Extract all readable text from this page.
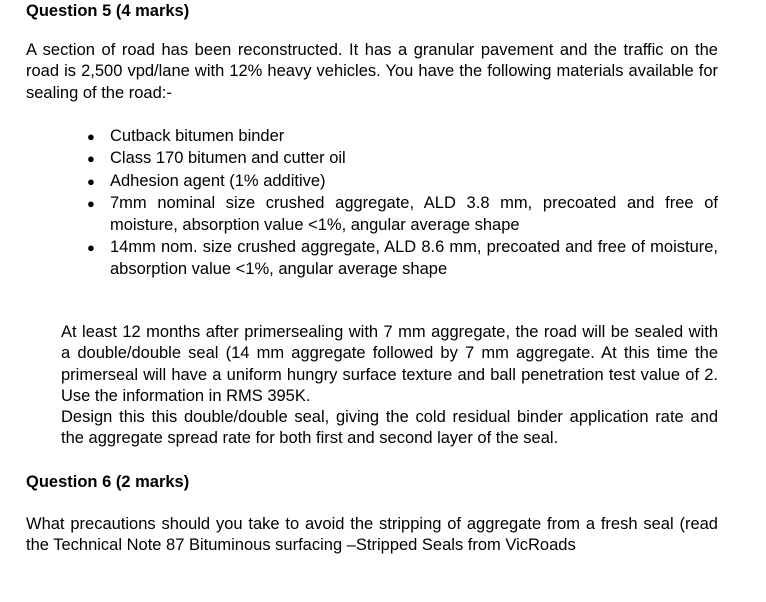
Question 5 (4 marks)

A section of road has been reconstructed. It has a granular pavement and the traffic on the road is 2,500 vpd/lane with 12% heavy vehicles. You have the following materials available for sealing of the road:-

● Cutback bitumen binder
● Class 170 bitumen and cutter oil
● Adhesion agent (1% additive)
● 7mm nominal size crushed aggregate, ALD 3.8 mm, precoated and free of moisture, absorption value <1%, angular average shape
● 14mm nom. size crushed aggregate, ALD 8.6 mm, precoated and free of moisture, absorption value <1%, angular average shape

At least 12 months after primersealing with 7 mm aggregate, the road will be sealed with a double/double seal (14 mm aggregate followed by 7 mm aggregate. At this time the primerseal will have a uniform hungry surface texture and ball penetration test value of 2. Use the information in RMS 395K.

Design this this double/double seal, giving the cold residual binder application rate and the aggregate spread rate for both first and second layer of the seal.

Question 6 (2 marks)

What precautions should you take to avoid the stripping of aggregate from a fresh seal (read the Technical Note 87 Bituminous surfacing –Stripped Seals from VicRoads
